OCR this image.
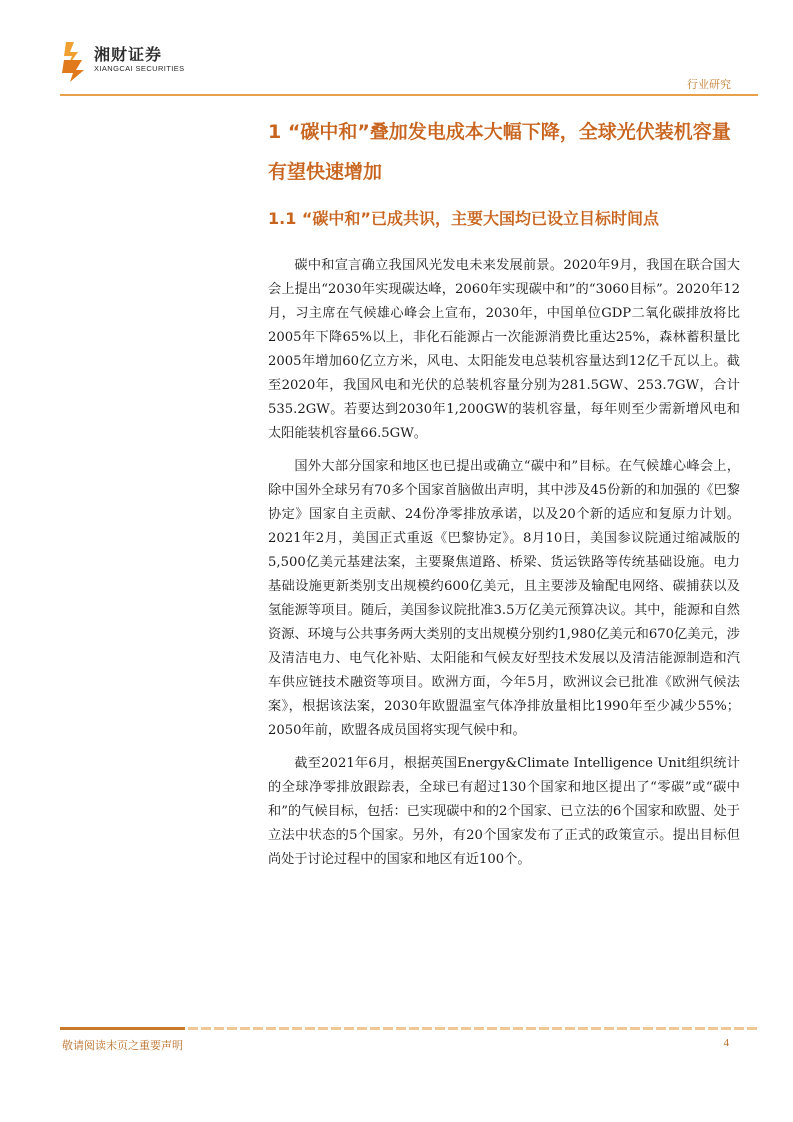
湘财证券
XIANGCAI SECURITIES
行业研究
1 “碳中和”叠加发电成本大幅下降，全球光伏装机容量有望快速增加
1.1 “碳中和”已成共识，主要大国均已设立目标时间点

碳中和宣言确立我国风光发电未来发展前景。2020年9月，我国在联合国大会上提出“2030年实现碳达峰，2060年实现碳中和”的“3060目标”。2020年12月，习主席在气候雄心峰会上宣布，2030年，中国单位GDP二氧化碳排放将比2005年下降65%以上，非化石能源占一次能源消费比重达25%，森林蓄积量比2005年增加60亿立方米，风电、太阳能发电总装机容量达到12亿千瓦以上。截至2020年，我国风电和光伏的总装机容量分别为281.5GW、253.7GW，合计535.2GW。若要达到2030年1,200GW的装机容量，每年则至少需新增风电和太阳能装机容量66.5GW。

国外大部分国家和地区也已提出或确立“碳中和”目标。在气候雄心峰会上，除中国外全球另有70多个国家首脑做出声明，其中涉及45份新的和加强的《巴黎协定》国家自主贡献、24份净零排放承诺，以及20个新的适应和复原力计划。2021年2月，美国正式重返《巴黎协定》。8月10日，美国参议院通过缩减版的5,500亿美元基建法案，主要聚焦道路、桥梁、货运铁路等传统基础设施。电力基础设施更新类别支出规模约600亿美元，且主要涉及输配电网络、碳捕获以及氢能源等项目。随后，美国参议院批准3.5万亿美元预算决议。其中，能源和自然资源、环境与公共事务两大类别的支出规模分别约1,980亿美元和670亿美元，涉及清洁电力、电气化补贴、太阳能和气候友好型技术发展以及清洁能源制造和汽车供应链技术融资等项目。欧洲方面，今年5月，欧洲议会已批准《欧洲气候法案》，根据该法案，2030年欧盟温室气体净排放量相比1990年至少减少55%；2050年前，欧盟各成员国将实现气候中和。

截至2021年6月，根据英国Energy&Climate Intelligence Unit组织统计的全球净零排放跟踪表，全球已有超过130个国家和地区提出了“零碳”或“碳中和”的气候目标，包括：已实现碳中和的2个国家、已立法的6个国家和欧盟、处于立法中状态的5个国家。另外，有20个国家发布了正式的政策宣示。提出目标但尚处于讨论过程中的国家和地区有近100个。

敬请阅读末页之重要声明	4
